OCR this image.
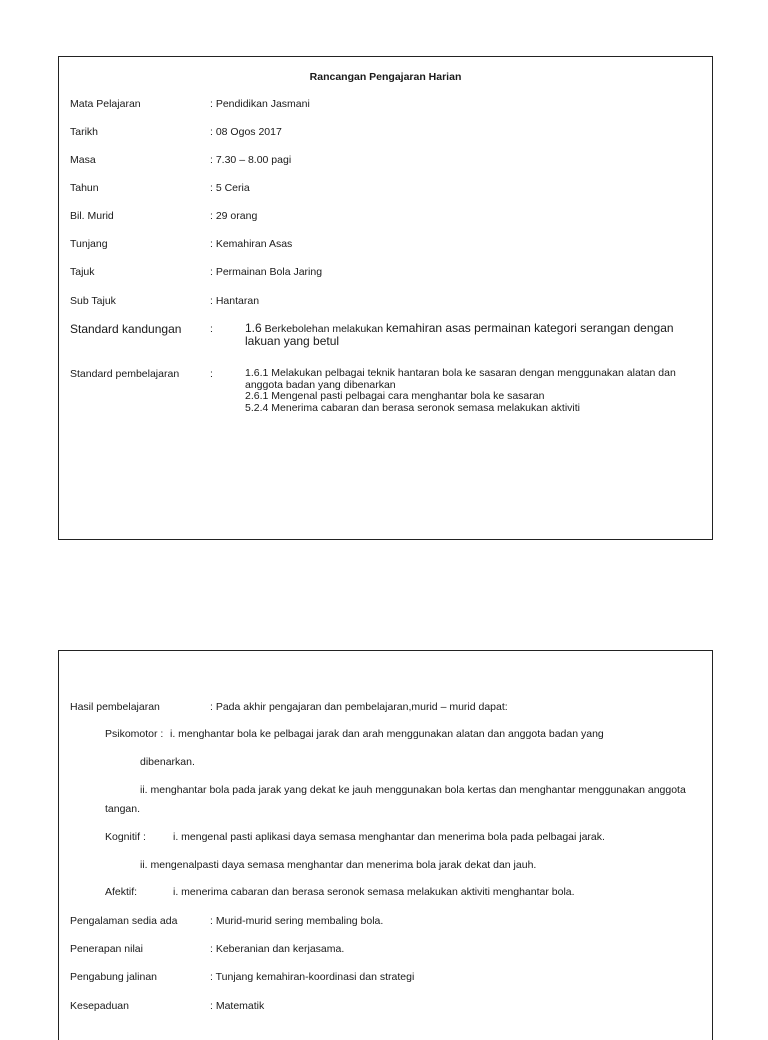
Rancangan Pengajaran Harian
Mata Pelajaran	: Pendidikan Jasmani
Tarikh	: 08 Ogos 2017
Masa	: 7.30 – 8.00 pagi
Tahun	: 5 Ceria
Bil. Murid	: 29 orang
Tunjang	: Kemahiran Asas
Tajuk	: Permainan Bola Jaring
Sub Tajuk	: Hantaran
Standard kandungan	:	1.6 Berkebolehan melakukan kemahiran asas permainan kategori serangan dengan lakuan yang betul
Standard pembelajaran	:	1.6.1 Melakukan pelbagai teknik hantaran bola ke sasaran dengan menggunakan alatan dan anggota badan yang dibenarkan
2.6.1 Mengenal pasti pelbagai cara menghantar bola ke sasaran
5.2.4 Menerima cabaran dan berasa seronok semasa melakukan aktiviti
Hasil pembelajaran	: Pada akhir pengajaran dan pembelajaran,murid – murid dapat:
Psikomotor : i. menghantar bola ke pelbagai jarak dan arah menggunakan alatan dan anggota badan yang
dibenarkan.
ii. menghantar bola pada jarak yang dekat ke jauh menggunakan bola kertas dan menghantar menggunakan anggota
tangan.
Kognitif :	i. mengenal pasti aplikasi daya semasa menghantar dan menerima bola pada pelbagai jarak.
ii. mengenalpasti daya semasa menghantar dan menerima bola jarak dekat dan jauh.
Afektif:	i. menerima cabaran dan berasa seronok semasa melakukan aktiviti menghantar bola.
Pengalaman sedia ada	: Murid-murid sering membaling bola.
Penerapan nilai	: Keberanian dan kerjasama.
Pengabung jalinan	: Tunjang kemahiran-koordinasi dan strategi
Kesepaduan	: Matematik
